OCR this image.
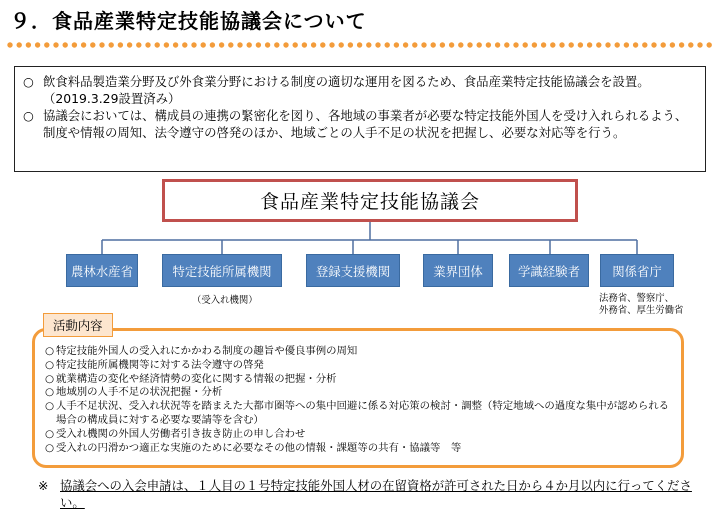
９．食品産業特定技能協議会について
○ 飲食料品製造業分野及び外食業分野における制度の適切な運用を図るため、食品産業特定技能協議会を設置。（2019.3.29設置済み）
○ 協議会においては、構成員の連携の緊密化を図り、各地域の事業者が必要な特定技能外国人を受け入れられるよう、制度や情報の周知、法令遵守の啓発のほか、地域ごとの人手不足の状況を把握し、必要な対応等を行う。
食品産業特定技能協議会
農林水産省	特定技能所属機関	登録支援機関	業界団体	学識経験者	関係省庁
（受入れ機関）	法務省、警察庁、
外務省、厚生労働省
○ 特定技能外国人の受入れにかかわる制度の趣旨や優良事例の周知
○ 特定技能所属機関等に対する法令遵守の啓発
○ 就業構造の変化や経済情勢の変化に関する情報の把握・分析
○ 地域別の人手不足の状況把握・分析
○ 人手不足状況、受入れ状況等を踏まえた大都市圏等への集中回避に係る対応策の検討・調整（特定地域への過度な集中が認められる場合の構成員に対する必要な要請等を含む）
○ 受入れ機関の外国人労働者引き抜き防止の申し合わせ
○ 受入れの円滑かつ適正な実施のために必要なその他の情報・課題等の共有・協議等　等
活動内容
※ 協議会への入会申請は、１人目の１号特定技能外国人材の在留資格が許可された日から４か月以内に行ってください。
